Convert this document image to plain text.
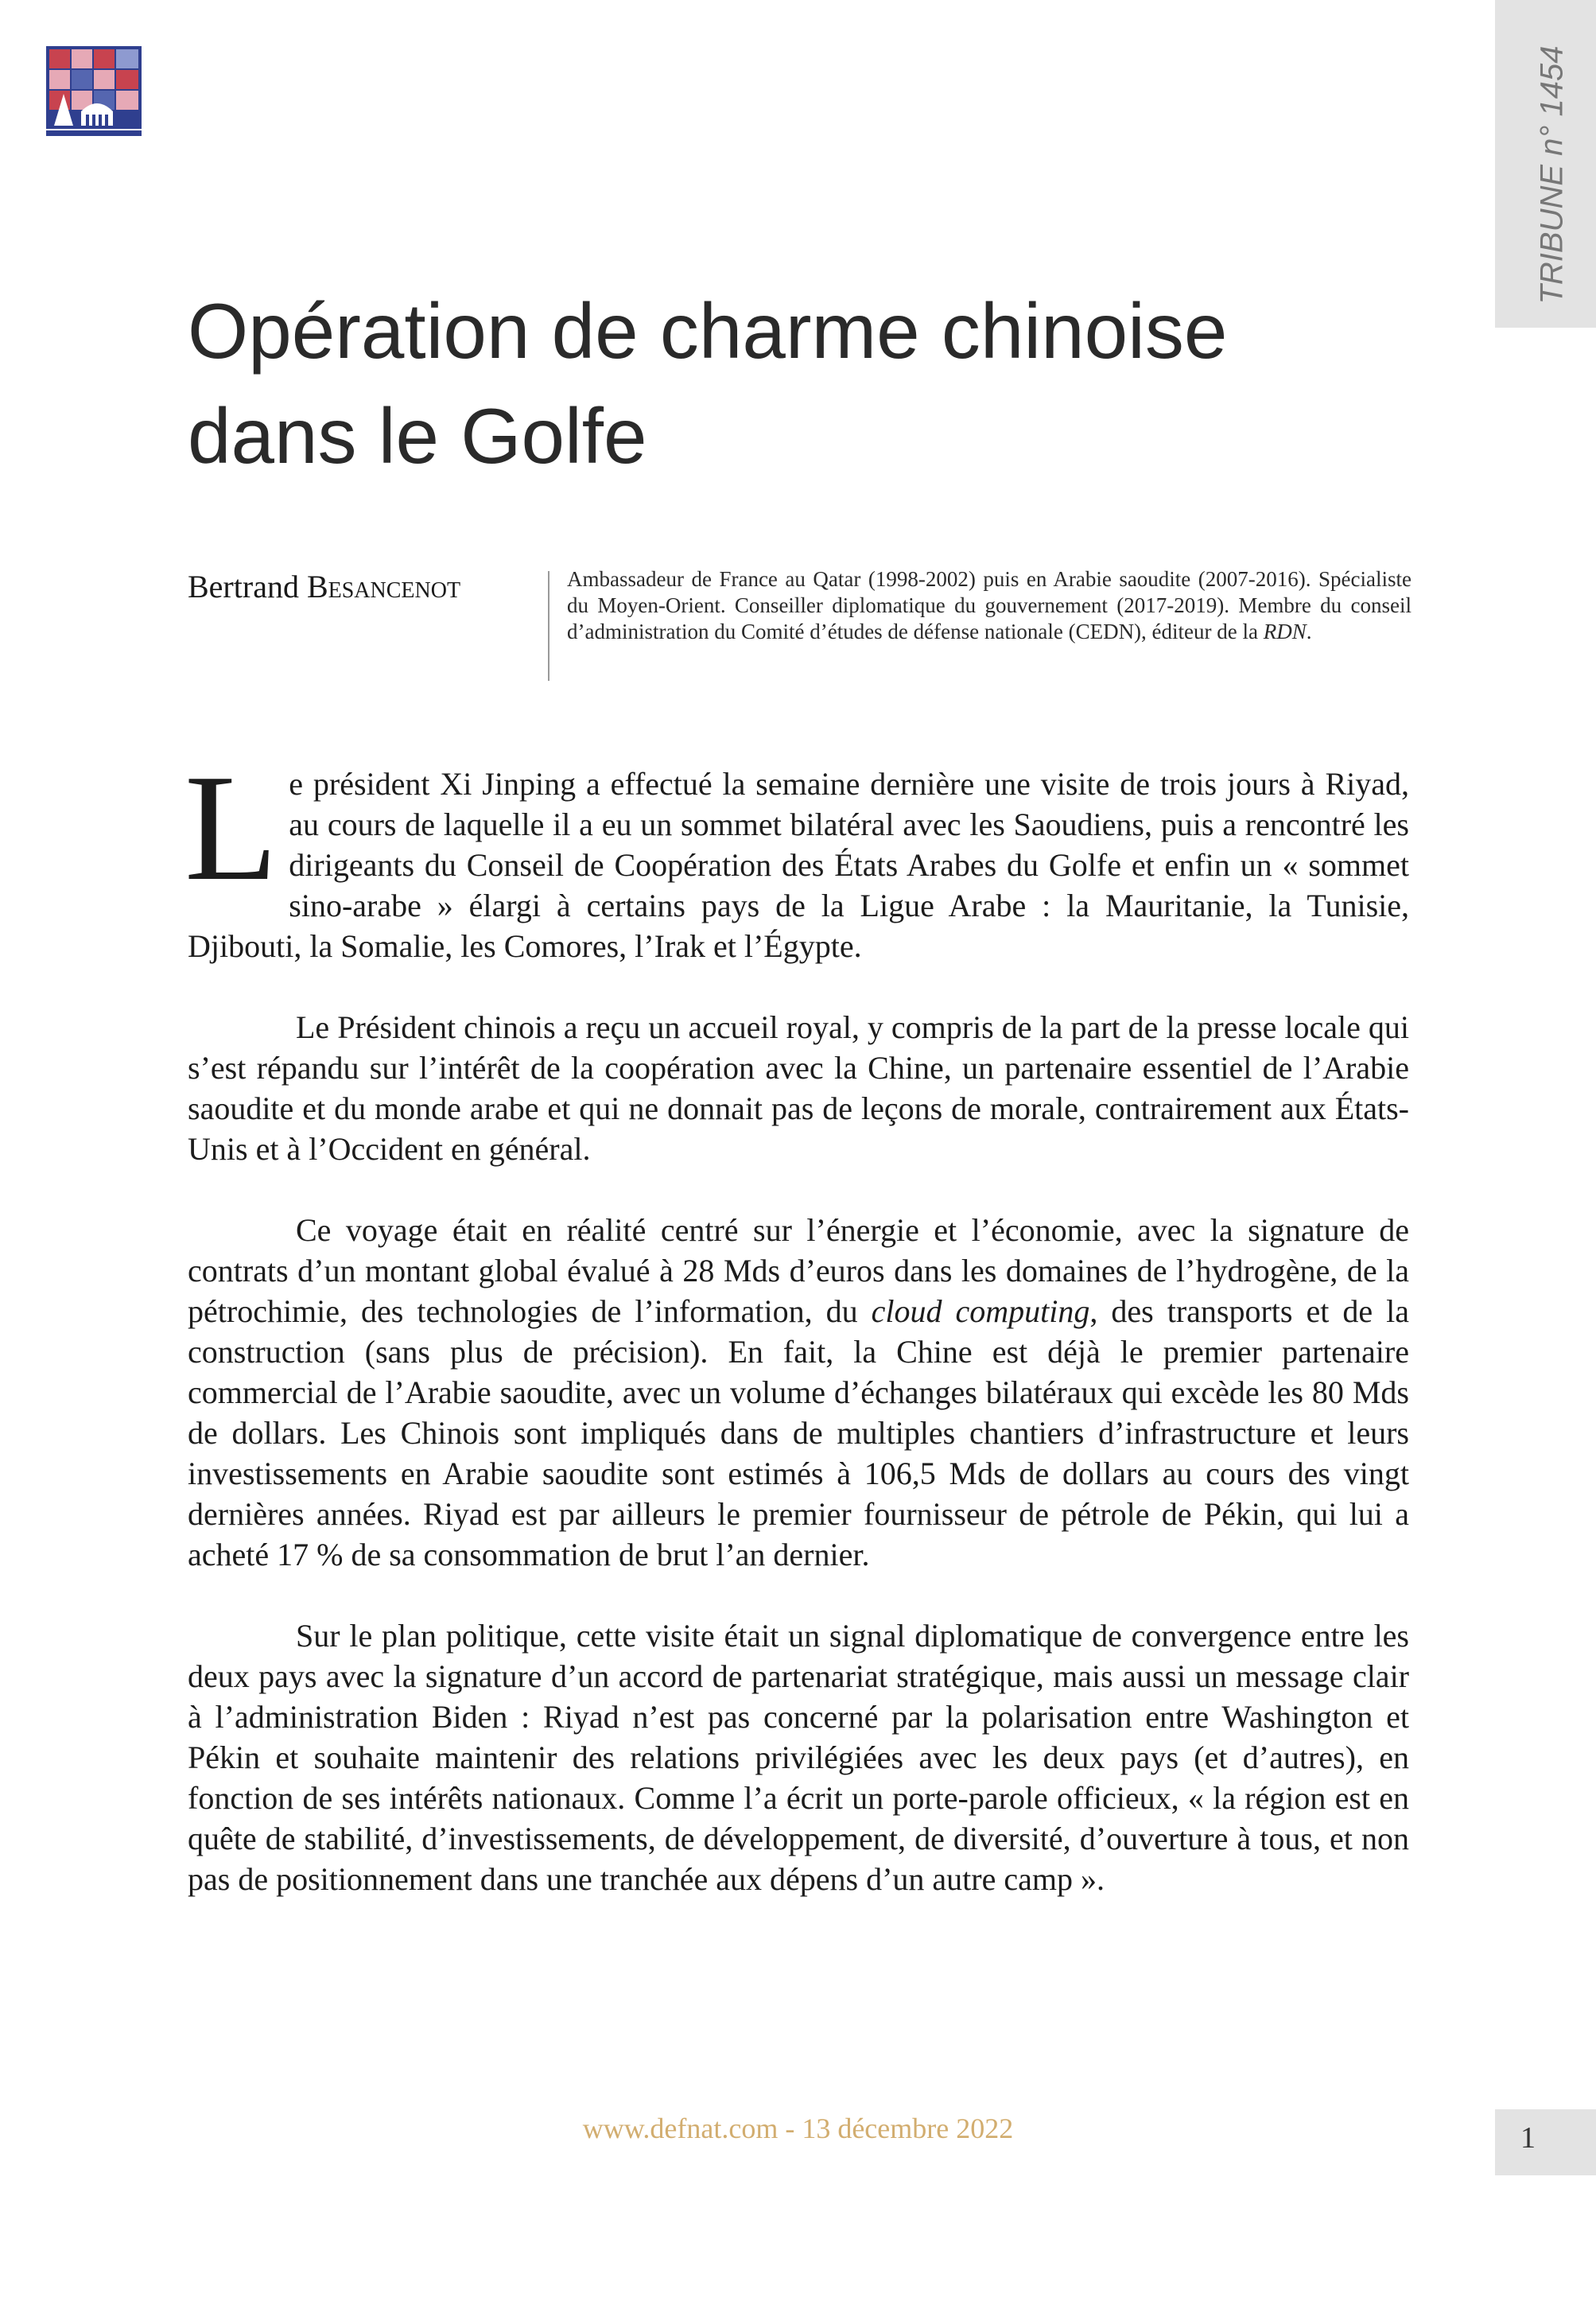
TRIBUNE n° 1454
Opération de charme chinoise dans le Golfe
Bertrand Besancenot	Ambassadeur de France au Qatar (1998-2002) puis en Arabie saoudite (2007-2016). Spécialiste du Moyen-Orient. Conseiller diplomatique du gouvernement (2017-2019). Membre du conseil d’administration du Comité d’études de défense nationale (CEDN), éditeur de la RDN.

Le président Xi Jinping a effectué la semaine dernière une visite de trois jours à Riyad, au cours de laquelle il a eu un sommet bilatéral avec les Saoudiens, puis a rencontré les dirigeants du Conseil de Coopération des États Arabes du Golfe et enfin un « sommet sino-arabe » élargi à certains pays de la Ligue Arabe : la Mauritanie, la Tunisie, Djibouti, la Somalie, les Comores, l’Irak et l’Égypte.

Le Président chinois a reçu un accueil royal, y compris de la part de la presse locale qui s’est répandu sur l’intérêt de la coopération avec la Chine, un partenaire essentiel de l’Arabie saoudite et du monde arabe et qui ne donnait pas de leçons de morale, contrairement aux États-Unis et à l’Occident en général.

Ce voyage était en réalité centré sur l’énergie et l’économie, avec la signature de contrats d’un montant global évalué à 28 Mds d’euros dans les domaines de l’hydrogène, de la pétrochimie, des technologies de l’information, du cloud computing, des transports et de la construction (sans plus de précision). En fait, la Chine est déjà le premier partenaire commercial de l’Arabie saoudite, avec un volume d’échanges bilatéraux qui excède les 80 Mds de dollars. Les Chinois sont impliqués dans de multiples chantiers d’infrastructure et leurs investissements en Arabie saoudite sont estimés à 106,5 Mds de dollars au cours des vingt dernières années. Riyad est par ailleurs le premier fournisseur de pétrole de Pékin, qui lui a acheté 17 % de sa consommation de brut l’an dernier.

Sur le plan politique, cette visite était un signal diplomatique de convergence entre les deux pays avec la signature d’un accord de partenariat stratégique, mais aussi un message clair à l’administration Biden : Riyad n’est pas concerné par la polarisation entre Washington et Pékin et souhaite maintenir des relations privilégiées avec les deux pays (et d’autres), en fonction de ses intérêts nationaux. Comme l’a écrit un porte-parole officieux, « la région est en quête de stabilité, d’investissements, de développement, de diversité, d’ouverture à tous, et non pas de positionnement dans une tranchée aux dépens d’un autre camp ».

www.defnat.com - 13 décembre 2022	1
